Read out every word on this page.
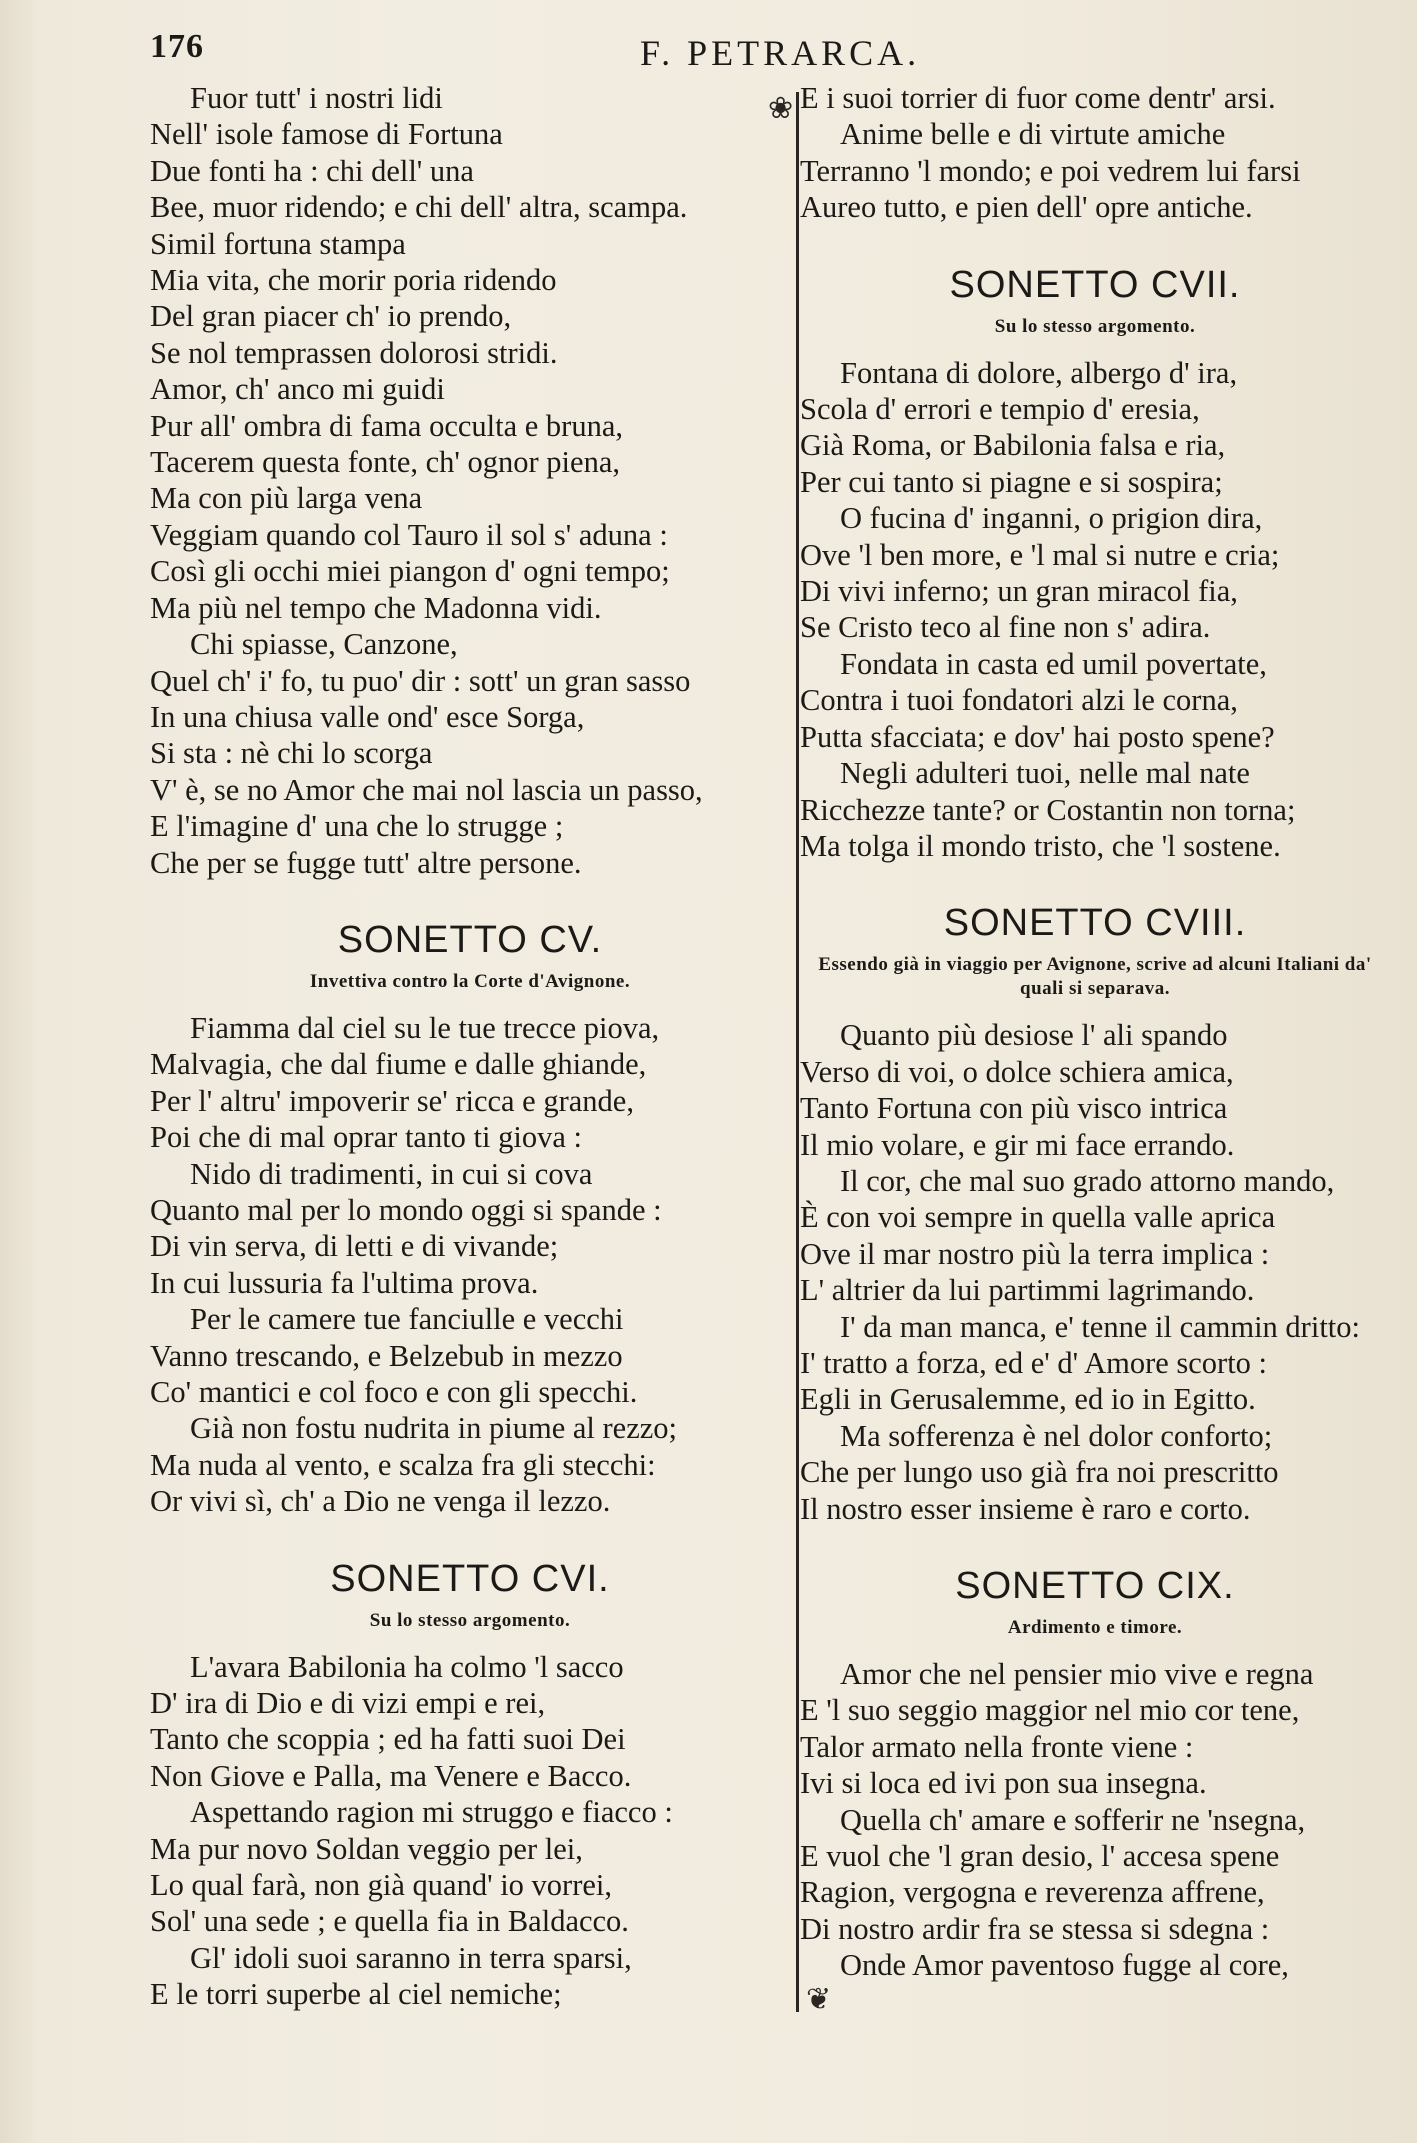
176	F. PETRARCA.
❀
❦
Fuor tutt' i nostri lidi
Nell' isole famose di Fortuna
Due fonti ha : chi dell' una
Bee, muor ridendo; e chi dell' altra, scampa.
Simil fortuna stampa
Mia vita, che morir poria ridendo
Del gran piacer ch' io prendo,
Se nol temprassen dolorosi stridi.
Amor, ch' anco mi guidi
Pur all' ombra di fama occulta e bruna,
Tacerem questa fonte, ch' ognor piena,
Ma con più larga vena
Veggiam quando col Tauro il sol s' aduna :
Così gli occhi miei piangon d' ogni tempo;
Ma più nel tempo che Madonna vidi.
Chi spiasse, Canzone,
Quel ch' i' fo, tu puo' dir : sott' un gran sasso
In una chiusa valle ond' esce Sorga,
Si sta : nè chi lo scorga
V' è, se no Amor che mai nol lascia un passo,
E l'imagine d' una che lo strugge ;
Che per se fugge tutt' altre persone.
SONETTO CV.
Invettiva contro la Corte d'Avignone.
Fiamma dal ciel su le tue trecce piova,
Malvagia, che dal fiume e dalle ghiande,
Per l' altru' impoverir se' ricca e grande,
Poi che di mal oprar tanto ti giova :
Nido di tradimenti, in cui si cova
Quanto mal per lo mondo oggi si spande :
Di vin serva, di letti e di vivande;
In cui lussuria fa l'ultima prova.
Per le camere tue fanciulle e vecchi
Vanno trescando, e Belzebub in mezzo
Co' mantici e col foco e con gli specchi.
Già non fostu nudrita in piume al rezzo;
Ma nuda al vento, e scalza fra gli stecchi:
Or vivi sì, ch' a Dio ne venga il lezzo.
SONETTO CVI.
Su lo stesso argomento.
L'avara Babilonia ha colmo 'l sacco
D' ira di Dio e di vizi empi e rei,
Tanto che scoppia ; ed ha fatti suoi Dei
Non Giove e Palla, ma Venere e Bacco.
Aspettando ragion mi struggo e fiacco :
Ma pur novo Soldan veggio per lei,
Lo qual farà, non già quand' io vorrei,
Sol' una sede ; e quella fia in Baldacco.
Gl' idoli suoi saranno in terra sparsi,
E le torri superbe al ciel nemiche;
E i suoi torrier di fuor come dentr' arsi.
Anime belle e di virtute amiche
Terranno 'l mondo; e poi vedrem lui farsi
Aureo tutto, e pien dell' opre antiche.
SONETTO CVII.
Su lo stesso argomento.
Fontana di dolore, albergo d' ira,
Scola d' errori e tempio d' eresia,
Già Roma, or Babilonia falsa e ria,
Per cui tanto si piagne e si sospira;
O fucina d' inganni, o prigion dira,
Ove 'l ben more, e 'l mal si nutre e cria;
Di vivi inferno; un gran miracol fia,
Se Cristo teco al fine non s' adira.
Fondata in casta ed umil povertate,
Contra i tuoi fondatori alzi le corna,
Putta sfacciata; e dov' hai posto spene?
Negli adulteri tuoi, nelle mal nate
Ricchezze tante? or Costantin non torna;
Ma tolga il mondo tristo, che 'l sostene.
SONETTO CVIII.
Essendo già in viaggio per Avignone, scrive ad alcuni Italiani da' quali si separava.
Quanto più desiose l' ali spando
Verso di voi, o dolce schiera amica,
Tanto Fortuna con più visco intrica
Il mio volare, e gir mi face errando.
Il cor, che mal suo grado attorno mando,
È con voi sempre in quella valle aprica
Ove il mar nostro più la terra implica :
L' altrier da lui partimmi lagrimando.
I' da man manca, e' tenne il cammin dritto:
I' tratto a forza, ed e' d' Amore scorto :
Egli in Gerusalemme, ed io in Egitto.
Ma sofferenza è nel dolor conforto;
Che per lungo uso già fra noi prescritto
Il nostro esser insieme è raro e corto.
SONETTO CIX.
Ardimento e timore.
Amor che nel pensier mio vive e regna
E 'l suo seggio maggior nel mio cor tene,
Talor armato nella fronte viene :
Ivi si loca ed ivi pon sua insegna.
Quella ch' amare e sofferir ne 'nsegna,
E vuol che 'l gran desio, l' accesa spene
Ragion, vergogna e reverenza affrene,
Di nostro ardir fra se stessa si sdegna :
Onde Amor paventoso fugge al core,
